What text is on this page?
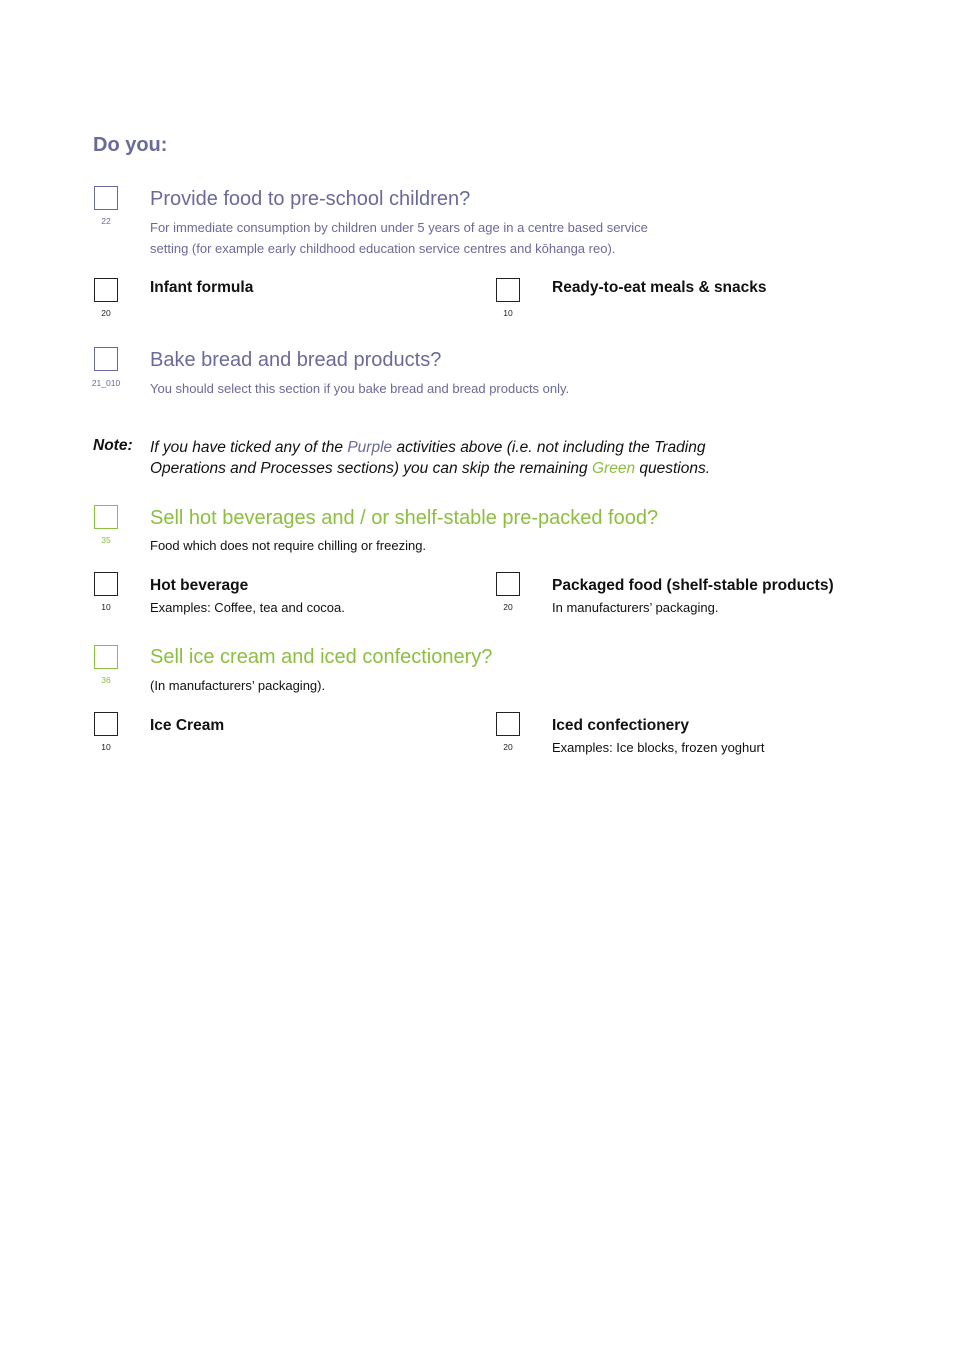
Do you:
22
Provide food to pre-school children?
For immediate consumption by children under 5 years of age in a centre based service
setting (for example early childhood education service centres and kōhanga reo).
20
Infant formula
10
Ready-to-eat meals & snacks
21_010
Bake bread and bread products?
You should select this section if you bake bread and bread products only.
Note: If you have ticked any of the Purple activities above (i.e. not including the Trading Operations and Processes sections) you can skip the remaining Green questions.
35
Sell hot beverages and / or shelf-stable pre-packed food?
Food which does not require chilling or freezing.
10
Hot beverage
Examples: Coffee, tea and cocoa.	20
Packaged food (shelf-stable products)
In manufacturers’ packaging.
36
Sell ice cream and iced confectionery?
(In manufacturers’ packaging).
10
Ice Cream
20
Iced confectionery
Examples: Ice blocks, frozen yoghurt
